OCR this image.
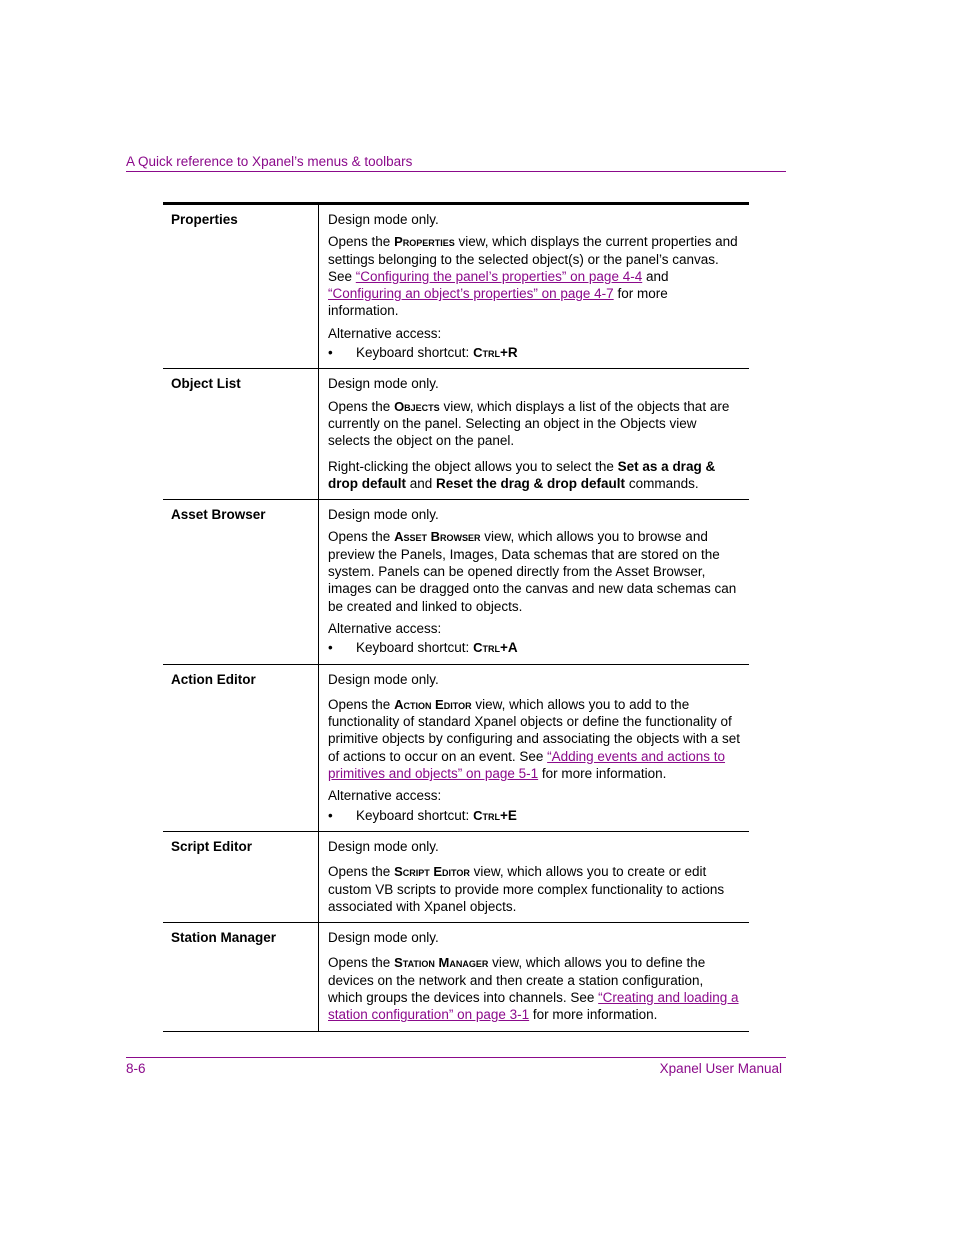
A Quick reference to Xpanel’s menus & toolbars
Properties	Design mode only.

Opens the Properties view, which displays the current properties and settings belonging to the selected object(s) or the panel’s canvas. See “Configuring the panel’s properties” on page 4-4 and “Configuring an object’s properties” on page 4-7 for more information.

Alternative access:

•	Keyboard shortcut: Ctrl+R
Object List	Design mode only.

Opens the Objects view, which displays a list of the objects that are currently on the panel. Selecting an object in the Objects view selects the object on the panel.

Right-clicking the object allows you to select the Set as a drag & drop default and Reset the drag & drop default commands.

Asset Browser	Design mode only.

Opens the Asset Browser view, which allows you to browse and preview the Panels, Images, Data schemas that are stored on the system. Panels can be opened directly from the Asset Browser, images can be dragged onto the canvas and new data schemas can be created and linked to objects.

Alternative access:

•	Keyboard shortcut: Ctrl+A
Action Editor	Design mode only.

Opens the Action Editor view, which allows you to add to the functionality of standard Xpanel objects or define the functionality of primitive objects by configuring and associating the objects with a set of actions to occur on an event. See “Adding events and actions to primitives and objects” on page 5-1 for more information.

Alternative access:

•	Keyboard shortcut: Ctrl+E
Script Editor	Design mode only.

Opens the Script Editor view, which allows you to create or edit custom VB scripts to provide more complex functionality to actions associated with Xpanel objects.

Station Manager	Design mode only.

Opens the Station Manager view, which allows you to define the devices on the network and then create a station configuration, which groups the devices into channels. See “Creating and loading a station configuration” on page 3-1 for more information.

8-6	Xpanel User Manual
